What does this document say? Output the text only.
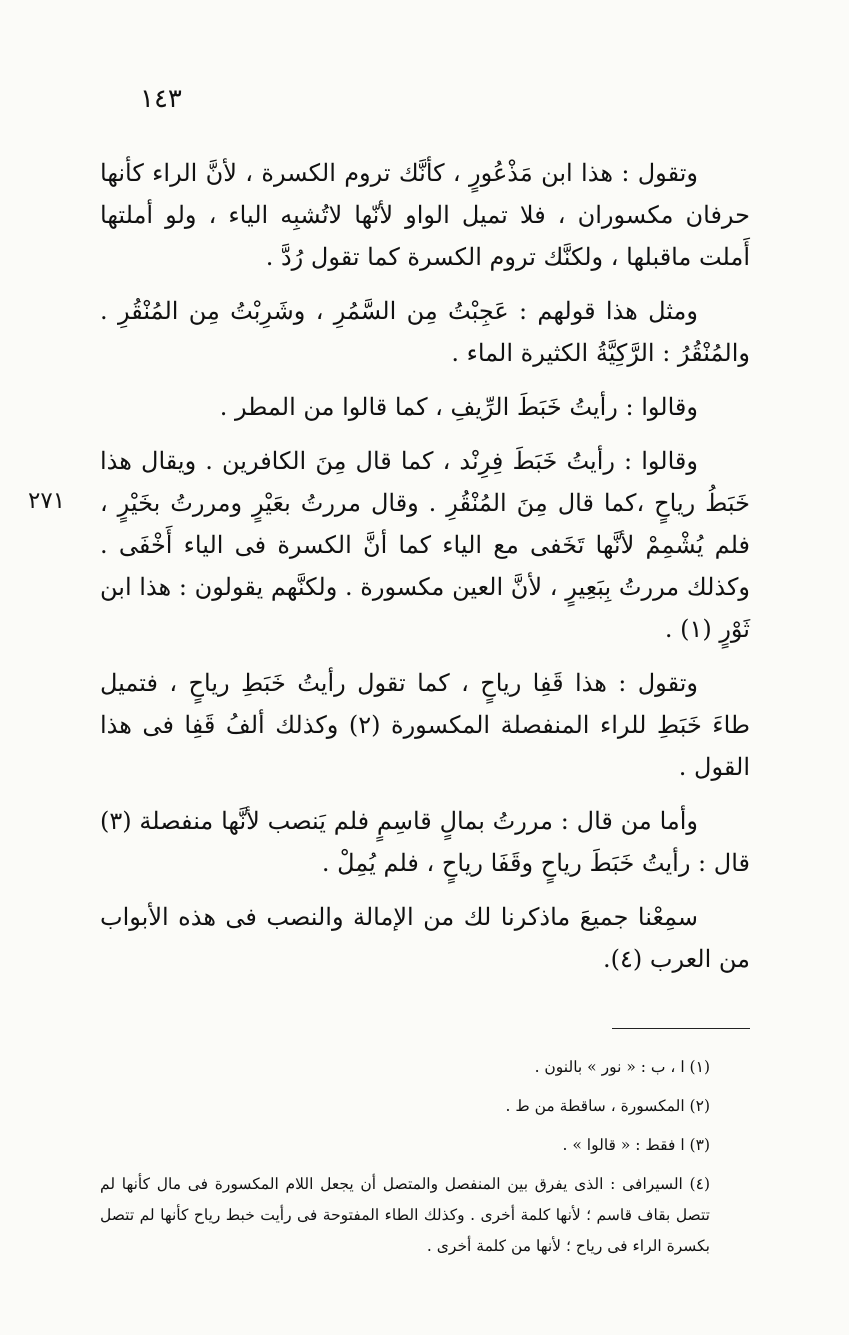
١٤٣

وتقول : هذا ابن مَذْعُورٍ ، كأنَّك تروم الكسرة ، لأنَّ الراء كأنها حرفان مكسوران ، فلا تميل الواو لأنّها لاتُشبِه الياء ، ولو أملتها أَملت ماقبلها ، ولكنَّك تروم الكسرة كما تقول رُدَّ .

ومثل هذا قولهم : عَجِبْتُ مِن السَّمُرِ ، وشَرِبْتُ مِن المُنْقُرِ . والمُنْقُرُ : الرَّكِيَّةُ الكثيرة الماء .

وقالوا : رأيتُ خَبَطَ الرِّيفِ ، كما قالوا من المطر .

وقالوا : رأيتُ خَبَطَ فِرِنْد ، كما قال مِنَ الكافرين . ويقال هذا خَبَطُ رياحٍ ،كما قال مِنَ المُنْقُرِ . وقال مررتُ بعَيْرٍ ومررتُ بخَيْرٍ ، فلم يُشْمِمْ لأنَّها تَخَفى مع الياء كما أنَّ الكسرة فى الياء أَخْفَى . وكذلك مررتُ بِبَعِيرٍ ، لأنَّ العين مكسورة . ولكنَّهم يقولون : هذا ابن ثَوْرٍ (١) .

وتقول : هذا قَفِا رياحٍ ، كما تقول رأيتُ خَبَطِ رياحٍ ، فتميل طاءَ خَبَطِ للراء المنفصلة المكسورة (٢) وكذلك ألفُ قَفِا فى هذا القول .

وأما من قال : مررتُ بمالٍ قاسِمٍ فلم يَنصب لأنَّها منفصلة (٣) قال : رأيتُ خَبَطَ رياحٍ وقَفَا رياحٍ ، فلم يُمِلْ .

سمِعْنا جميعَ ماذكرنا لك من الإمالة والنصب فى هذه الأبواب من العرب (٤).

٢٧١

(١) ا ، ب : « نور » بالنون .

(٢) المكسورة ، ساقطة من ط .

(٣) ا فقط : « قالوا » .

(٤) السيرافى : الذى يفرق بين المنفصل والمتصل أن يجعل اللام المكسورة فى مال كأنها لم تتصل بقاف قاسم ؛ لأنها كلمة أخرى . وكذلك الطاء المفتوحة فى رأيت خبط رياح كأنها لم تتصل بكسرة الراء فى رياح ؛ لأنها من كلمة أخرى .
